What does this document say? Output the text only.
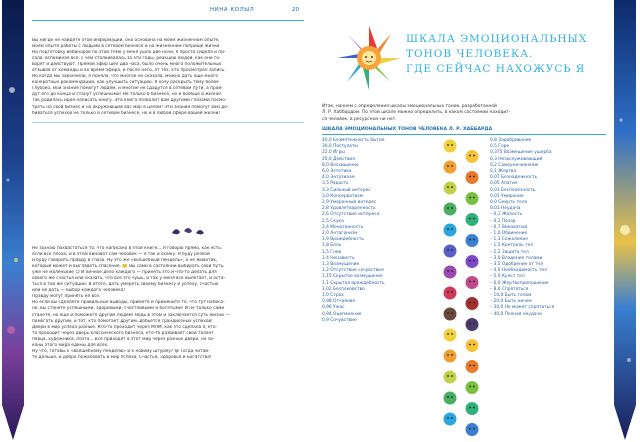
НИНА КОЛЫЛ	20
Вы нигде не найдете этой информации, она основана на моем жизненном опыте,
моем опыте работы с людьми в сетевом бизнесе и на жизненном поприще жизни.
На подготовку вебинаров по этой теме у меня ушло две ночи, я просто сидела и пи-
сала, вспоминая все, с чем сталкивалась за эти годы, реакцию людей, как они го-
ворят и действуют. Прямой эфир шел два часа, было очень много положительных
отзывов от команды и во время эфира, и после него, от тех, кто просмотрел запись.
Но когда мы закончили, я поняла, что многое не сказала, можно дать еще много
конкретных рекомендаций, как улучшить ситуацию. Я хочу раскрыть тему более
глубоко, мои знания помогут людям, и многие не сдадутся в сетевом пути, а прой-
дут его до конца и станут успешными! Не только в бизнесе, но и вообще в жизни!
Так родилась идея написать книгу. Эта книга позволит вам другими глазами посмо-
треть на свой бизнес и на окружающий вас мир в целом! Эти знания помогут вам до-
биваться успехов не только в сетевом бизнесе, но и в любой сфере вашей жизни!
Не зазнаю похвастаться то, что написано в этой книге... Я говорю прямо, как есть:
если все плохо, и в этом виноват сам человек — я так и скажу. Я буду резкой
и буду говорить правду в глаза. Ну это же «волшебный пендель», а не животик,
который может и выглядеть спасение. 🙂 Вы сами в состоянии выбирать свой путь,
уже не маленькие 😉 И личное дело каждого — принять это и что-то делать для
своего же счастья или сказать, что все это чушь, и так у меня все вылетает, и оста-
ться в той же ситуации. В итоге, дать умереть своему бизнесу и успеху, счастью
или не дать — выбор каждого человека!
Правду могут принять не все.
Но если вы сделаете правильные выводы, примете и примените то, что тут написа-
но, вы станете успешными, здоровыми, счастливыми и богатыми! И не только сами
станете, но еще и поможете другим людям! Ведь в этом и заключается суть жизни —
помогать другим, и тот, кто помогает другим, добьется грандиозных успехов!
Двери в мир успеха разные. Кто-то проходит через МЛМ, как это сделала я, кто-
то проходит через дверь классического бизнеса, кто-то развивает свой талант
певца, художника, поэта... Все приходят в этот мир через разные двери, но за-
коны этого мира едины для всех.
Ну что, готовы к «волшебному пенделю» и к новому штурму? 😀 Тогда читай-
те дальше, и добро пожаловать в мир Успеха, Счастья, Здоровья и Богатства!
ШКАЛА ЭМОЦИОНАЛЬНЫХ
ТОНОВ ЧЕЛОВЕКА.
ГДЕ СЕЙЧАС НАХОЖУСЬ Я
Итак, начнем с определения шкалы эмоциональных тонов, разработанной
Л. Р. Хаббардом. По этой шкале можно определить, в каком состоянии находит-
ся человек, в ресурсном ни нет.
ШКАЛА ЭМОЦИОНАЛЬНЫХ ТОНОВ ЧЕЛОВЕКА Л. Р. ХАББАРДА
40,0 Безмятежность бытия
30,0 Постулаты
22,0 Игры
20,0 Действия
8,0 Восхищение
6,0 Эстетика
4,0 Энтузиазм
3,5 Радость
3,3 Сильный интерес
3,0 Консерватизм
2,9 Умеренный интерес
2,8 Удовлетворенность
2,6 Отсутствие интереса
2,5 Скука
2,4 Монотонность
2,0 Антагонизм
1,9 Враждебность
1,8 Боль
1,5 Гнев
1,4 Ненависть
1,3 Возмущение
1,2 Отсутствие сочувствия
1,15 Скрытое возмущение
1,1 Скрытая враждебность
1,02 Беспокойство
1,0 Страх
0,98 Отчаяние
0,96 Ужас
0,94 Оцепенение
0,9 Сочувствие
0,8 Задабривание
0,5 Горе
0,375 Возмещение ущерба
0,3 Незаслуживающий
0,2 Самоуничижение
0,1 Жертва
0,07 Безнадежность
0,05 Апатия
0,03 Бесполезность
0,01 Умирание
0,0 Смерть тела
0,01 Неудача
– 0,1 Жалость
– 0,2 Позор
– 0,7 Виноватый
– 1,0 Обвинение
– 1,3 Сожаление
– 1,5 Контроль тел
– 2,2 Защита тел
– 3,0 Владение телами
– 3,5 Одобрение от тел
– 4,0 Необходимость тел
– 5,0 Культ тел
– 6,0 Жертвоприношение
– 8,0 Спрятаться
– 10,0 Быть телом
– 20,0 Быть ничем
– 30,0 Не может спрятаться
– 40,0 Полная неудача
